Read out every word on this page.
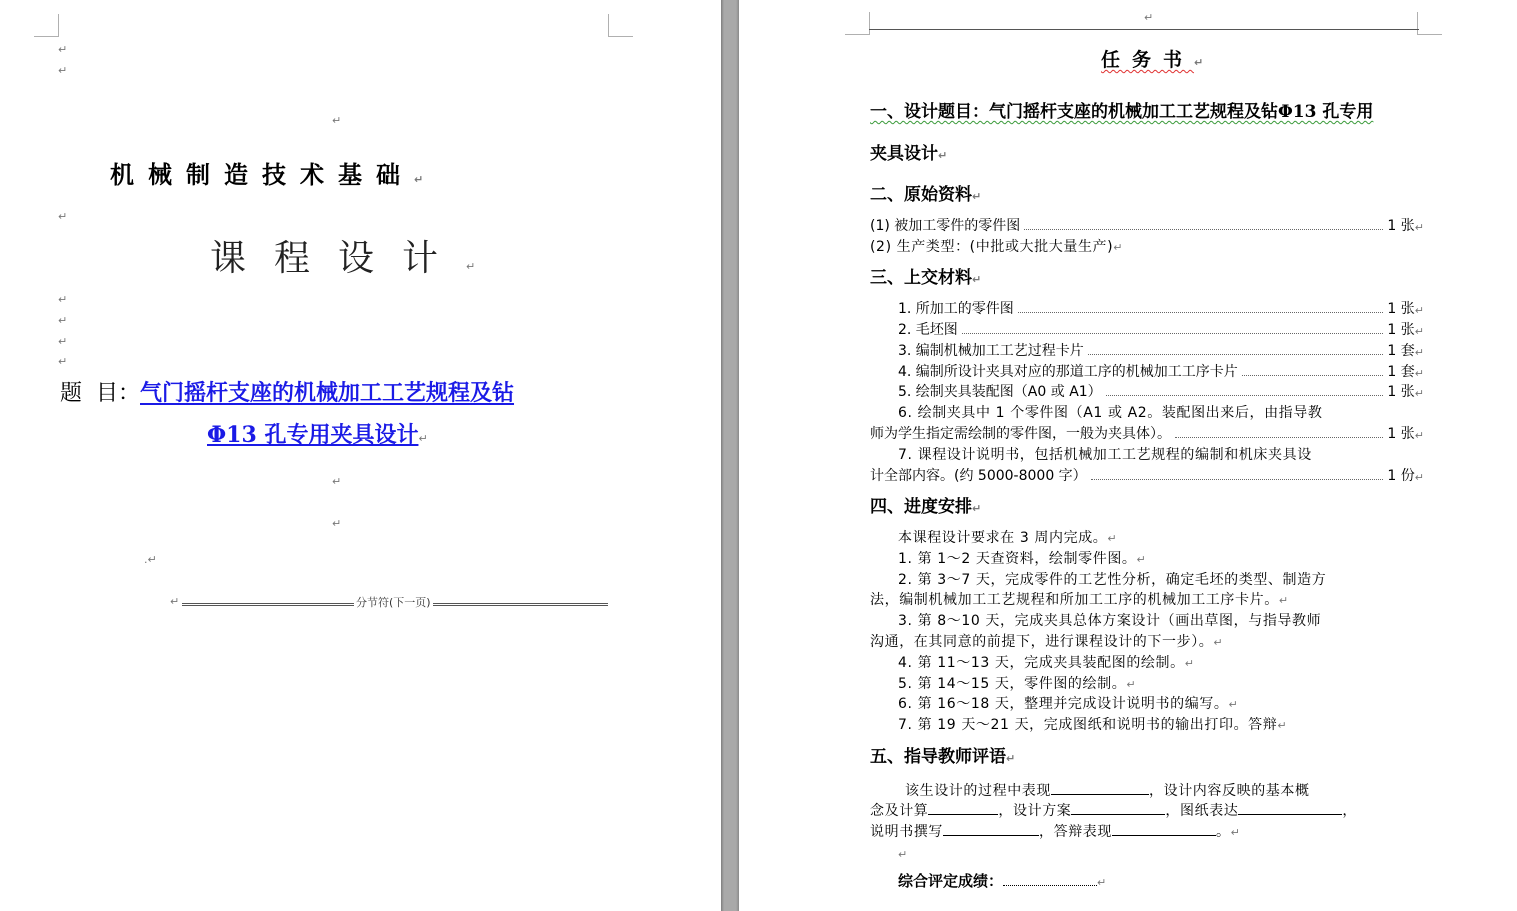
↵
↵
↵
机械制造技术基础↵
↵
课程设计↵
↵
↵
↵
↵
题  目：气门摇杆支座的机械加工工艺规程及钻
Φ13 孔专用夹具设计↵
↵
↵
.↵
↵	分节符(下一页)
↵
任务书↵
一、设计题目：气门摇杆支座的机械加工工艺规程及钻Φ13 孔专用
夹具设计↵
二、原始资料↵
(1) 被加工零件的零件图	1 张 ↵
(2) 生产类型：(中批或大批大量生产)↵
三、上交材料↵
1. 所加工的零件图	1 张 ↵
2. 毛坯图	1 张 ↵
3. 编制机械加工工艺过程卡片	1 套 ↵
4. 编制所设计夹具对应的那道工序的机械加工工序卡片	1 套 ↵
5. 绘制夹具装配图（A0 或 A1）	1 张 ↵
6. 绘制夹具中 1 个零件图（A1 或 A2。装配图出来后，由指导教
师为学生指定需绘制的零件图，一般为夹具体）。	1 张 ↵
7. 课程设计说明书，包括机械加工工艺规程的编制和机床夹具设
计全部内容。(约 5000-8000 字）	1 份 ↵
四、进度安排↵
本课程设计要求在 3 周内完成。↵
1. 第 1～2 天查资料，绘制零件图。↵
2. 第 3～7 天，完成零件的工艺性分析，确定毛坯的类型、制造方
法，编制机械加工工艺规程和所加工工序的机械加工工序卡片。↵
3. 第 8～10 天，完成夹具总体方案设计（画出草图，与指导教师
沟通，在其同意的前提下，进行课程设计的下一步）。↵
4. 第 11～13 天，完成夹具装配图的绘制。↵
5. 第 14～15 天，零件图的绘制。↵
6. 第 16～18 天，整理并完成设计说明书的编写。↵
7. 第 19 天～21 天，完成图纸和说明书的输出打印。答辩↵
五、指导教师评语↵
该生设计的过程中表现	，设计内容反映的基本概
念及计算	，设计方案	，图纸表达	，
说明书撰写	，答辩表现	。↵
↵
综合评定成绩：	↵
